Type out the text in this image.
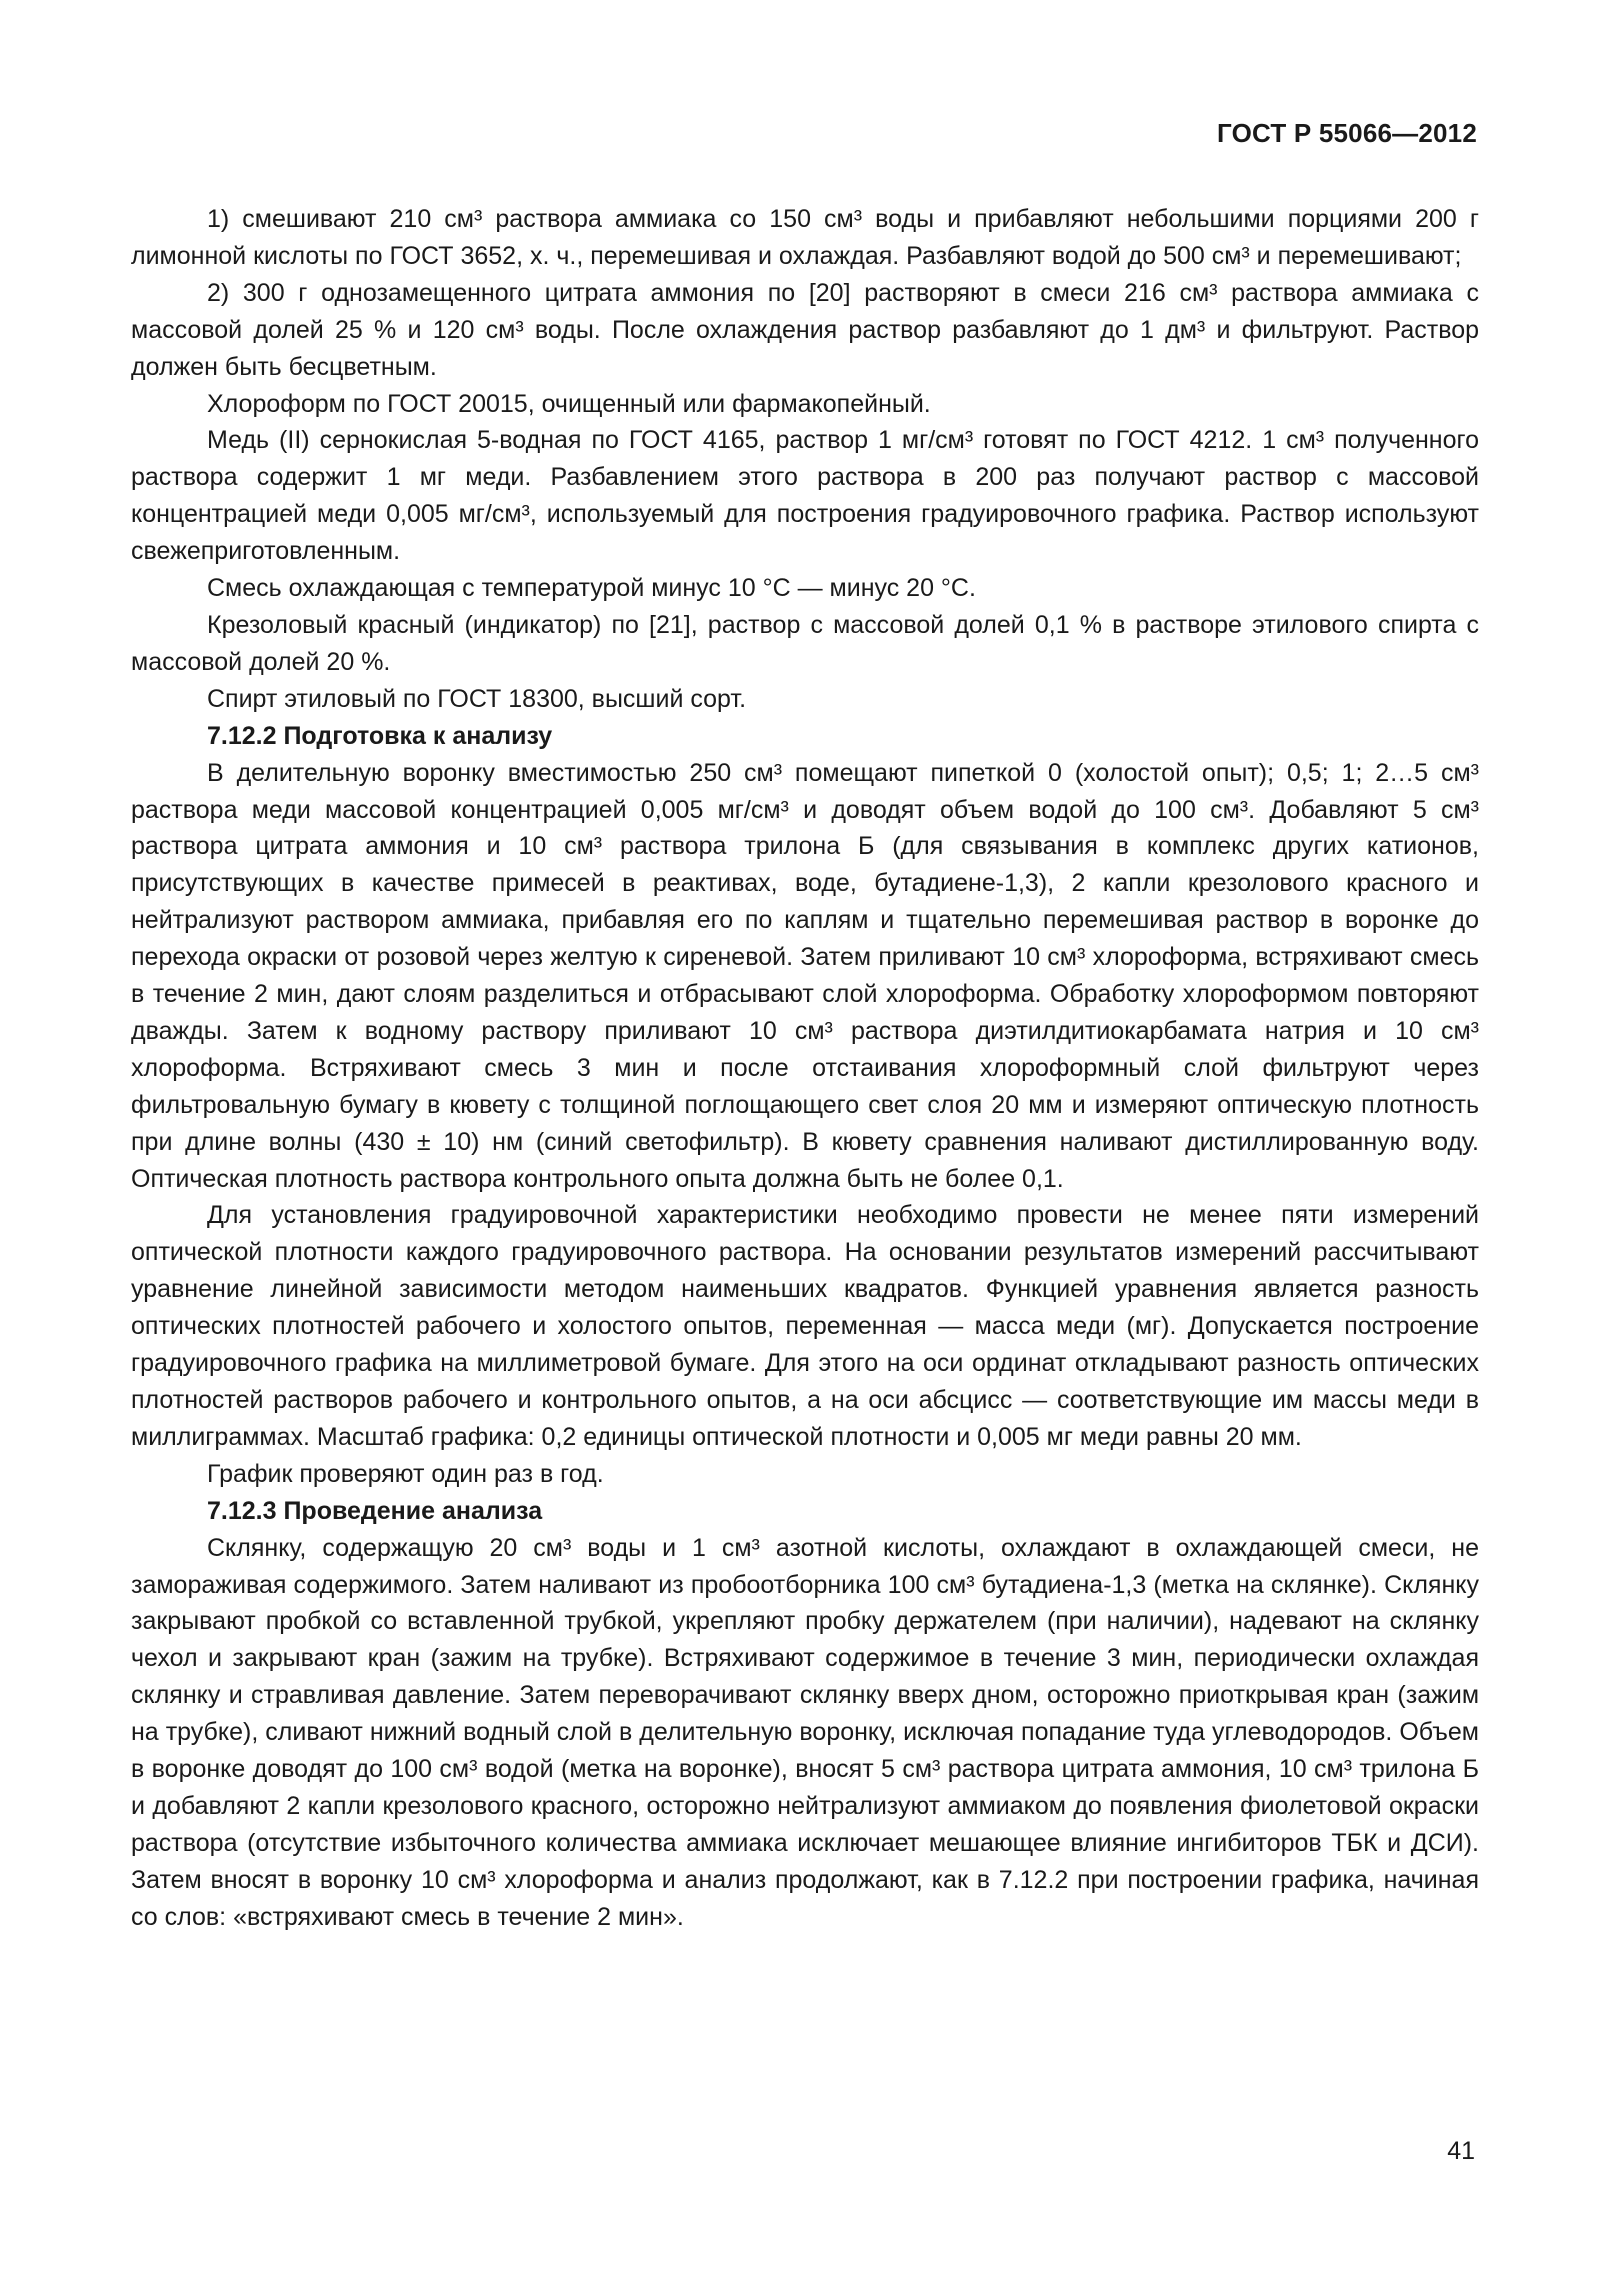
ГОСТ Р 55066—2012

1) смешивают 210 см³ раствора аммиака со 150 см³ воды и прибавляют небольшими порциями 200 г лимонной кислоты по ГОСТ 3652, х. ч., перемешивая и охлаждая. Разбавляют водой до 500 см³ и перемешивают;

2) 300 г однозамещенного цитрата аммония по [20] растворяют в смеси 216 см³ раствора аммиака с массовой долей 25 % и 120 см³ воды. После охлаждения раствор разбавляют до 1 дм³ и фильтруют. Раствор должен быть бесцветным.

Хлороформ по ГОСТ 20015, очищенный или фармакопейный.

Медь (II) сернокислая 5-водная по ГОСТ 4165, раствор 1 мг/см³ готовят по ГОСТ 4212. 1 см³ полученного раствора содержит 1 мг меди. Разбавлением этого раствора в 200 раз получают раствор с массовой концентрацией меди 0,005 мг/см³, используемый для построения градуировочного графика. Раствор используют свежеприготовленным.

Смесь охлаждающая с температурой минус 10 °С — минус 20 °С.

Крезоловый красный (индикатор) по [21], раствор с массовой долей 0,1 % в растворе этилового спирта с массовой долей 20 %.

Спирт этиловый по ГОСТ 18300, высший сорт.

7.12.2 Подготовка к анализу

В делительную воронку вместимостью 250 см³ помещают пипеткой 0 (холостой опыт); 0,5; 1; 2…5 см³ раствора меди массовой концентрацией 0,005 мг/см³ и доводят объем водой до 100 см³. Добавляют 5 см³ раствора цитрата аммония и 10 см³ раствора трилона Б (для связывания в комплекс других катионов, присутствующих в качестве примесей в реактивах, воде, бутадиене-1,3), 2 капли крезолового красного и нейтрализуют раствором аммиака, прибавляя его по каплям и тщательно перемешивая раствор в воронке до перехода окраски от розовой через желтую к сиреневой. Затем приливают 10 см³ хлороформа, встряхивают смесь в течение 2 мин, дают слоям разделиться и отбрасывают слой хлороформа. Обработку хлороформом повторяют дважды. Затем к водному раствору приливают 10 см³ раствора диэтилдитиокарбамата натрия и 10 см³ хлороформа. Встряхивают смесь 3 мин и после отстаивания хлороформный слой фильтруют через фильтровальную бумагу в кювету с толщиной поглощающего свет слоя 20 мм и измеряют оптическую плотность при длине волны (430 ± 10) нм (синий светофильтр). В кювету сравнения наливают дистиллированную воду. Оптическая плотность раствора контрольного опыта должна быть не более 0,1.

Для установления градуировочной характеристики необходимо провести не менее пяти измерений оптической плотности каждого градуировочного раствора. На основании результатов измерений рассчитывают уравнение линейной зависимости методом наименьших квадратов. Функцией уравнения является разность оптических плотностей рабочего и холостого опытов, переменная — масса меди (мг). Допускается построение градуировочного графика на миллиметровой бумаге. Для этого на оси ординат откладывают разность оптических плотностей растворов рабочего и контрольного опытов, а на оси абсцисс — соответствующие им массы меди в миллиграммах. Масштаб графика: 0,2 единицы оптической плотности и 0,005 мг меди равны 20 мм.

График проверяют один раз в год.

7.12.3 Проведение анализа

Склянку, содержащую 20 см³ воды и 1 см³ азотной кислоты, охлаждают в охлаждающей смеси, не замораживая содержимого. Затем наливают из пробоотборника 100 см³ бутадиена-1,3 (метка на склянке). Склянку закрывают пробкой со вставленной трубкой, укрепляют пробку держателем (при наличии), надевают на склянку чехол и закрывают кран (зажим на трубке). Встряхивают содержимое в течение 3 мин, периодически охлаждая склянку и стравливая давление. Затем переворачивают склянку вверх дном, осторожно приоткрывая кран (зажим на трубке), сливают нижний водный слой в делительную воронку, исключая попадание туда углеводородов. Объем в воронке доводят до 100 см³ водой (метка на воронке), вносят 5 см³ раствора цитрата аммония, 10 см³ трилона Б и добавляют 2 капли крезолового красного, осторожно нейтрализуют аммиаком до появления фиолетовой окраски раствора (отсутствие избыточного количества аммиака исключает мешающее влияние ингибиторов ТБК и ДСИ). Затем вносят в воронку 10 см³ хлороформа и анализ продолжают, как в 7.12.2 при построении графика, начиная со слов: «встряхивают смесь в течение 2 мин».

41
